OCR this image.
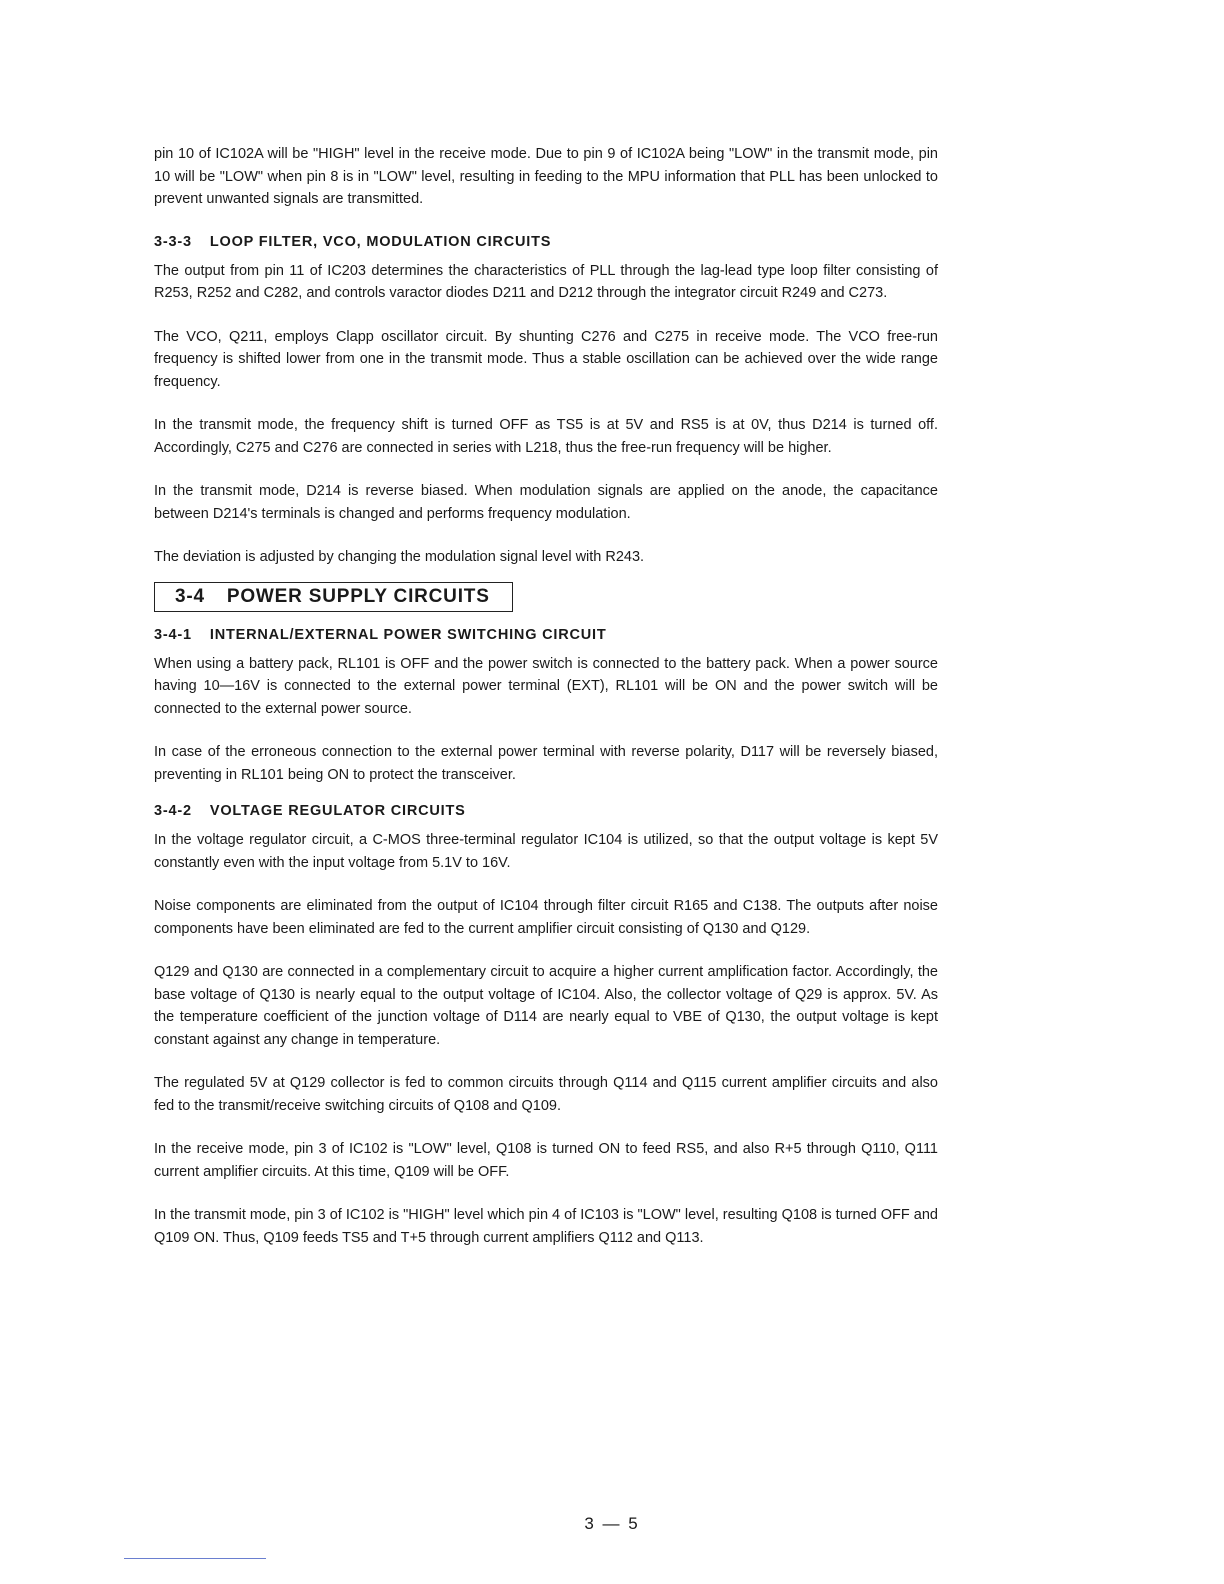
pin 10 of IC102A will be "HIGH" level in the receive mode. Due to pin 9 of IC102A being "LOW" in the transmit mode, pin 10 will be "LOW" when pin 8 is in "LOW" level, resulting in feeding to the MPU information that PLL has been unlocked to prevent unwanted signals are transmitted.

3-3-3 LOOP FILTER, VCO, MODULATION CIRCUITS

The output from pin 11 of IC203 determines the characteristics of PLL through the lag-lead type loop filter consisting of R253, R252 and C282, and controls varactor diodes D211 and D212 through the integrator circuit R249 and C273.

The VCO, Q211, employs Clapp oscillator circuit. By shunting C276 and C275 in receive mode. The VCO free-run frequency is shifted lower from one in the transmit mode. Thus a stable oscillation can be achieved over the wide range frequency.

In the transmit mode, the frequency shift is turned OFF as TS5 is at 5V and RS5 is at 0V, thus D214 is turned off. Accordingly, C275 and C276 are connected in series with L218, thus the free-run frequency will be higher.

In the transmit mode, D214 is reverse biased. When modulation signals are applied on the anode, the capacitance between D214's terminals is changed and performs frequency modulation.

The deviation is adjusted by changing the modulation signal level with R243.

3-4 POWER SUPPLY CIRCUITS
3-4-1 INTERNAL/EXTERNAL POWER SWITCHING CIRCUIT

When using a battery pack, RL101 is OFF and the power switch is connected to the battery pack. When a power source having 10—16V is connected to the external power terminal (EXT), RL101 will be ON and the power switch will be connected to the external power source.

In case of the erroneous connection to the external power terminal with reverse polarity, D117 will be reversely biased, preventing in RL101 being ON to protect the transceiver.

3-4-2 VOLTAGE REGULATOR CIRCUITS

In the voltage regulator circuit, a C-MOS three-terminal regulator IC104 is utilized, so that the output voltage is kept 5V constantly even with the input voltage from 5.1V to 16V.

Noise components are eliminated from the output of IC104 through filter circuit R165 and C138. The outputs after noise components have been eliminated are fed to the current amplifier circuit consisting of Q130 and Q129.

Q129 and Q130 are connected in a complementary circuit to acquire a higher current amplification factor. Accordingly, the base voltage of Q130 is nearly equal to the output voltage of IC104. Also, the collector voltage of Q29 is approx. 5V. As the temperature coefficient of the junction voltage of D114 are nearly equal to VBE of Q130, the output voltage is kept constant against any change in temperature.

The regulated 5V at Q129 collector is fed to common circuits through Q114 and Q115 current amplifier circuits and also fed to the transmit/receive switching circuits of Q108 and Q109.

In the receive mode, pin 3 of IC102 is "LOW" level, Q108 is turned ON to feed RS5, and also R+5 through Q110, Q111 current amplifier circuits. At this time, Q109 will be OFF.

In the transmit mode, pin 3 of IC102 is "HIGH" level which pin 4 of IC103 is "LOW" level, resulting Q108 is turned OFF and Q109 ON. Thus, Q109 feeds TS5 and T+5 through current amplifiers Q112 and Q113.

3 — 5
